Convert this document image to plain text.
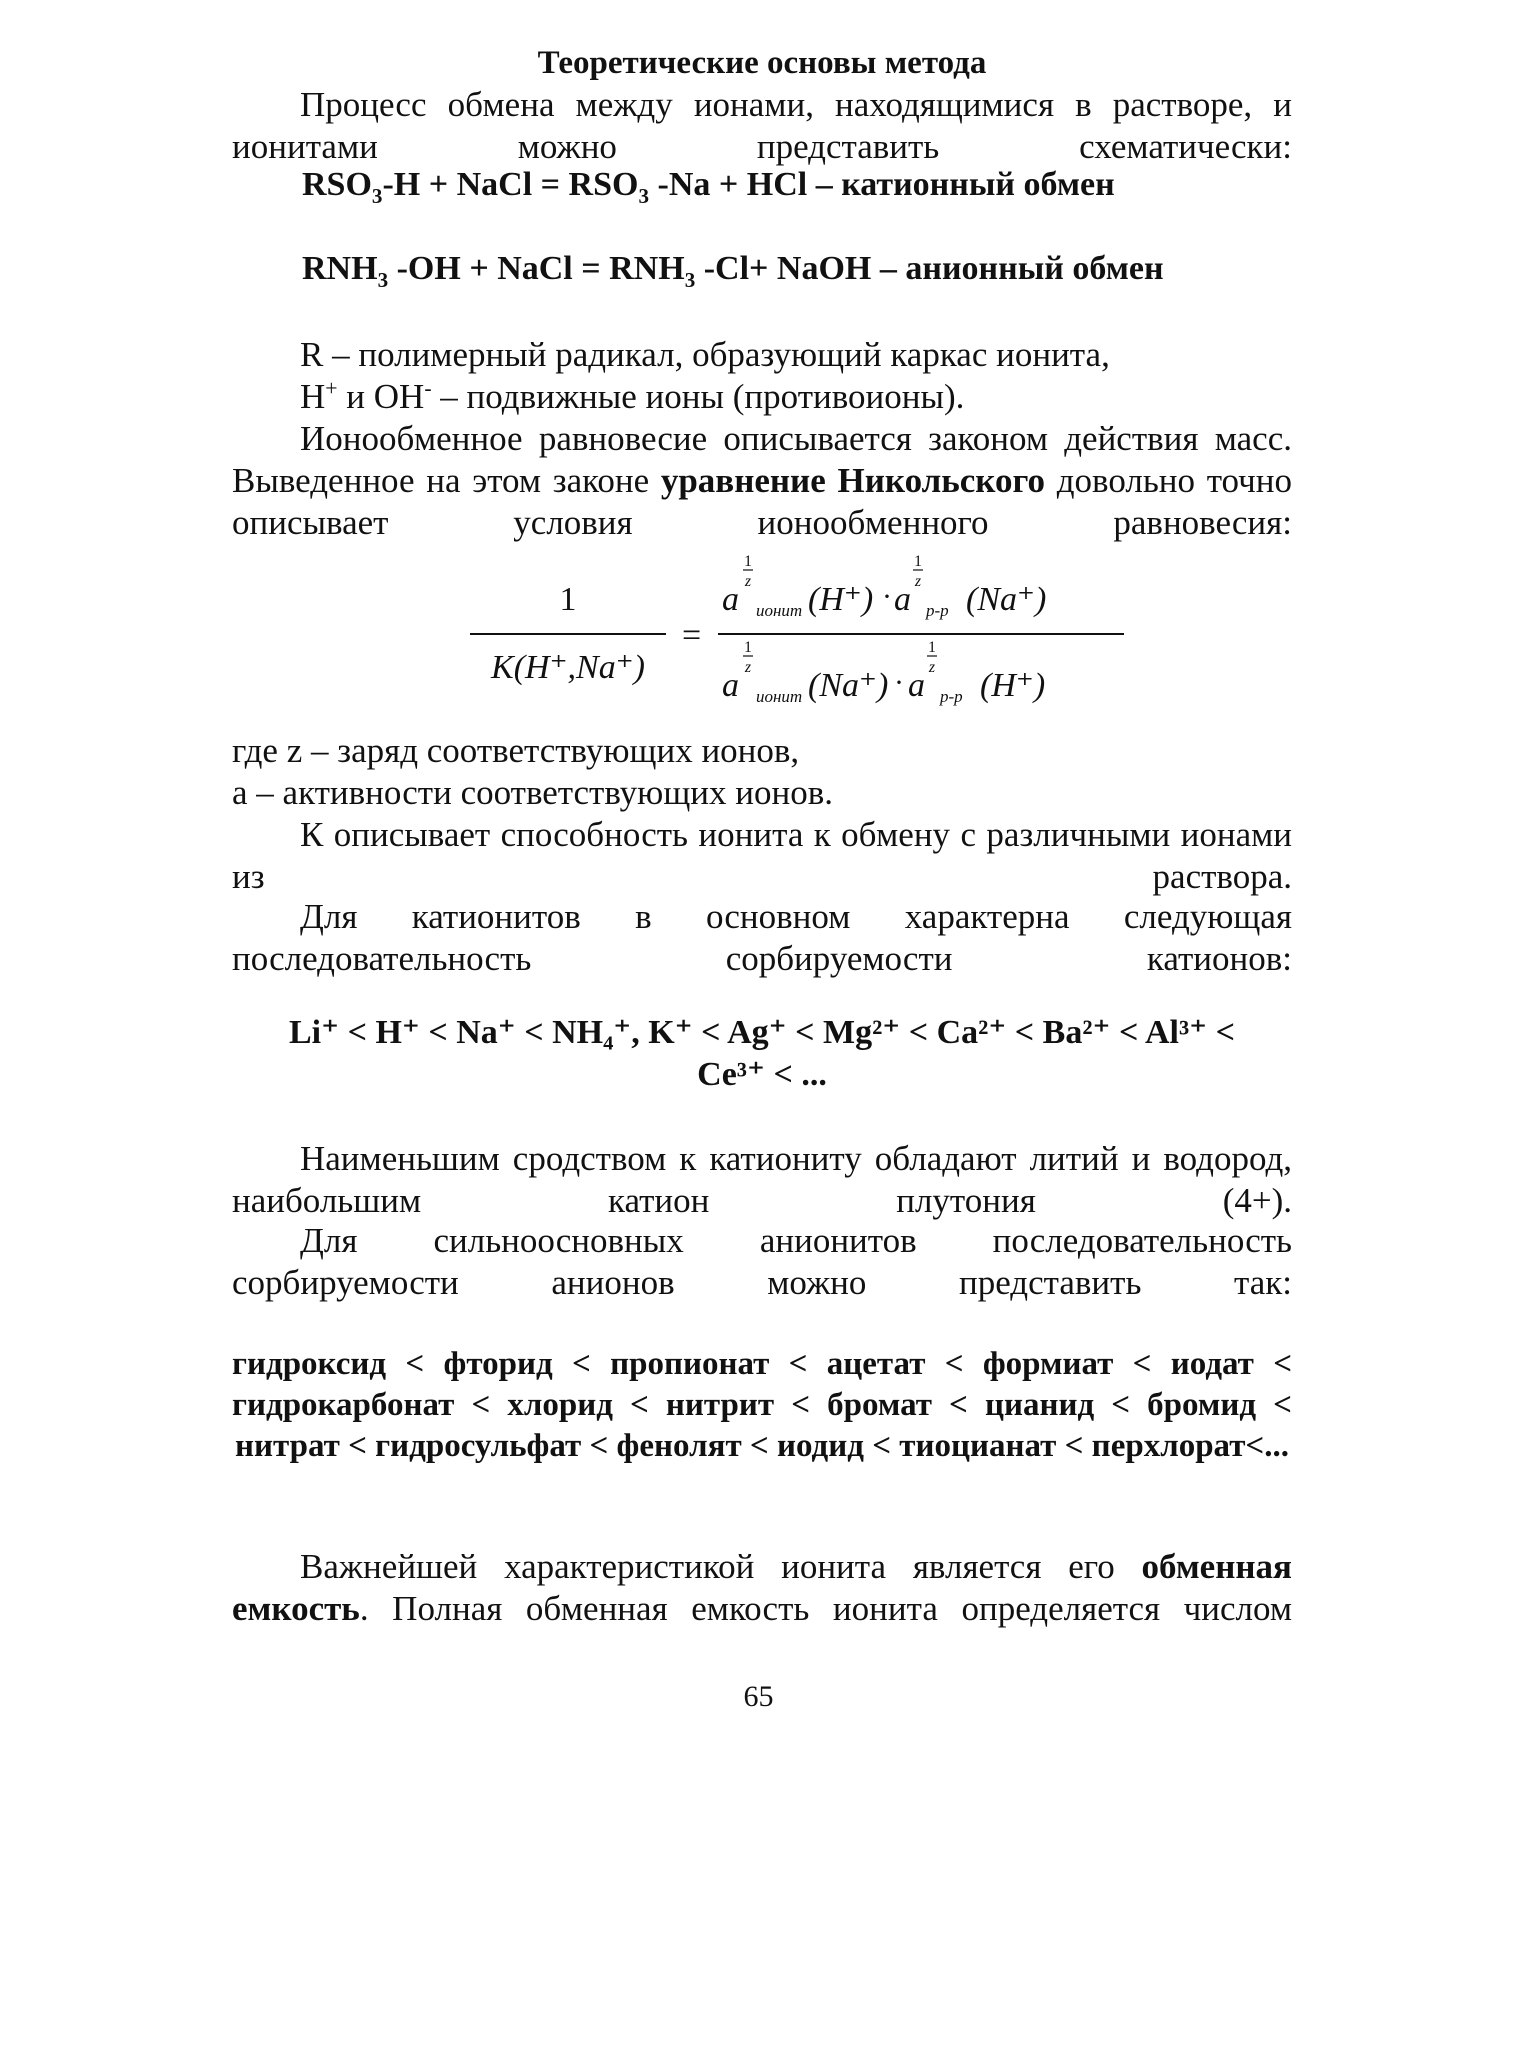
Теоретические основы метода
Процесс обмена между ионами, находящимися в растворе, и ионитами можно представить схематически:
$RSO_3-H$ + NaCl = $RSO_3$ -Na + HCl – катионный обмен
$RNH_3$ -OH + NaCl = $RNH_3$ -Cl+ NaOH – анионный обмен
R – полимерный радикал, образующий каркас ионита,
H+ и OH- – подвижные ионы (противоионы).
Ионообменное равновесие описывается законом действия масс. Выведенное на этом законе уравнение Никольского довольно точно описывает условия ионообменного равновесия:
1
K(H⁺,Na⁺)
=
1
z
a ионит (H⁺) ·
1
z
a р-р (Na⁺)
1
z
a ионит (Na⁺) ·
1
z
a р-р (H⁺)
где z – заряд соответствующих ионов,
a – активности соответствующих ионов.
К описывает способность ионита к обмену с различными ионами из раствора.
Для катионитов в основном характерна следующая последовательность сорбируемости катионов:
Li⁺ < H⁺ < Na⁺ < NH₄⁺, K⁺ < Ag⁺ < Mg²⁺ < Ca²⁺ < Ba²⁺ < Al³⁺ <
Ce³⁺ < ...
Наименьшим сродством к катиониту обладают литий и водород, наибольшим катион плутония (4+).
Для сильноосновных анионитов последовательность сорбируемости анионов можно представить так:
гидроксид < фторид < пропионат < ацетат < формиат < иодат < гидрокарбонат < хлорид < нитрит < бромат < цианид < бромид < нитрат < гидросульфат < фенолят < иодид < тиоцианат < перхлорат<...
Важнейшей характеристикой ионита является его обменная емкость. Полная обменная емкость ионита определяется числом
65
